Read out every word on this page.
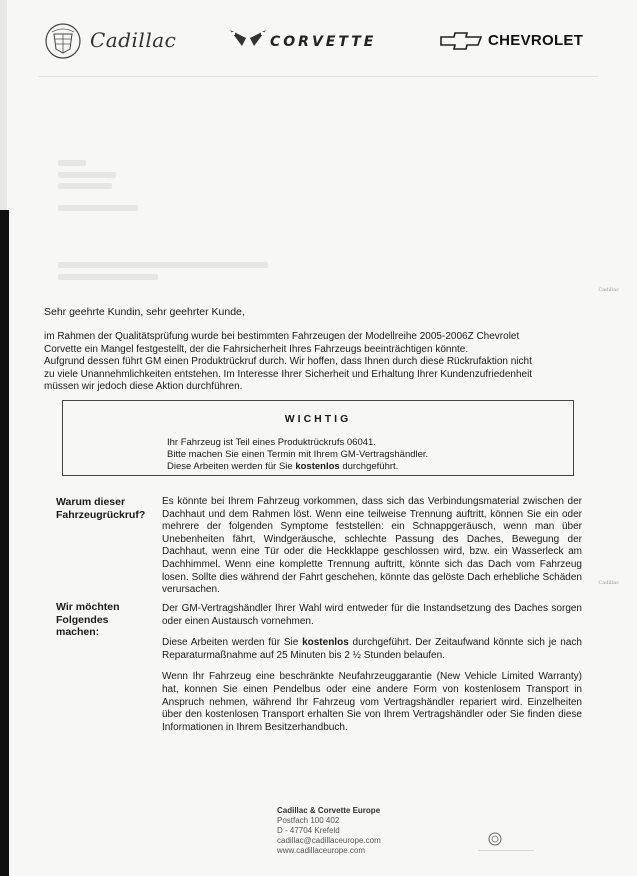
Cadillac	CORVETTE	CHEVROLET
Cadillac
Cadillac
Sehr geehrte Kundin, sehr geehrter Kunde,

im Rahmen der Qualitätsprüfung wurde bei bestimmten Fahrzeugen der Modellreihe 2005-2006Z Chevrolet

Corvette ein Mangel festgestellt, der die Fahrsicherheit Ihres Fahrzeugs beeinträchtigen könnte.

Aufgrund dessen führt GM einen Produktrückruf durch. Wir hoffen, dass Ihnen durch diese Rückrufaktion nicht

zu viele Unannehmlichkeiten entstehen. Im Interesse Ihrer Sicherheit und Erhaltung Ihrer Kundenzufriedenheit

müssen wir jedoch diese Aktion durchführen.

WICHTIG
Ihr Fahrzeug ist Teil eines Produktrückrufs 06041.
Bitte machen Sie einen Termin mit Ihrem GM-Vertragshändler.
Diese Arbeiten werden für Sie kostenlos durchgeführt.
Warum dieser
Fahrzeugrückruf?

Es könnte bei Ihrem Fahrzeug vorkommen, dass sich das Verbindungsmaterial zwischen der Dachhaut und dem Rahmen löst. Wenn eine teilweise Trennung auftritt, können Sie ein oder mehrere der folgenden Symptome feststellen: ein Schnappgeräusch, wenn man über Unebenheiten fährt, Windgeräusche, schlechte Passung des Daches, Bewegung der Dachhaut, wenn eine Tür oder die Heckklappe geschlossen wird, bzw. ein Wasserleck am Dachhimmel. Wenn eine komplette Trennung auftritt, könnte sich das Dach vom Fahrzeug losen. Sollte dies während der Fahrt geschehen, könnte das gelöste Dach erhebliche Schäden verursachen.

Wir möchten
Folgendes
machen:

Der GM-Vertragshändler Ihrer Wahl wird entweder für die Instandsetzung des Daches sorgen oder einen Austausch vornehmen.

Diese Arbeiten werden für Sie kostenlos durchgeführt. Der Zeitaufwand könnte sich je nach Reparaturmaßnahme auf 25 Minuten bis 2 ½ Stunden belaufen.

Wenn Ihr Fahrzeug eine beschränkte Neufahrzeuggarantie (New Vehicle Limited Warranty) hat, konnen Sie einen Pendelbus oder eine andere Form von kostenlosem Transport in Anspruch nehmen, während Ihr Fahrzeug vom Vertragshändler repariert wird. Einzelheiten über den kostenlosen Transport erhalten Sie von Ihrem Vertragshändler oder Sie finden diese Informationen in Ihrem Besitzerhandbuch.

Cadillac & Corvette Europe
Postfach 100 402
D - 47704 Krefeld
cadillac@cadillaceurope.com
www.cadillaceurope.com	––––––––––––––––––––––––––––
